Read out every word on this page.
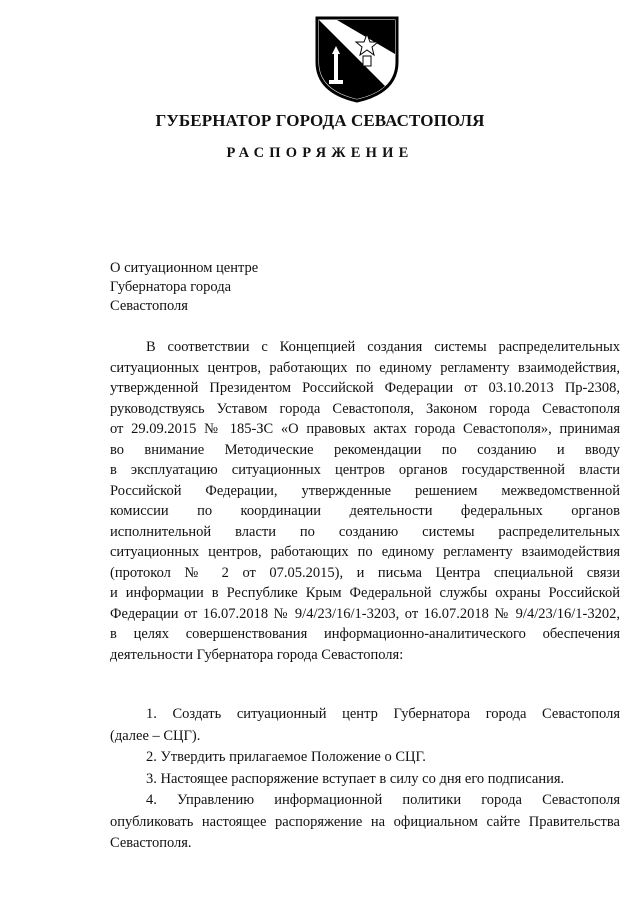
ГУБЕРНАТОР ГОРОДА СЕВАСТОПОЛЯ
РАСПОРЯЖЕНИЕ
О ситуационном центре
Губернатора города
Севастополя
В соответствии с Концепцией создания системы распределительных
ситуационных центров, работающих по единому регламенту взаимодействия,
утвержденной Президентом Российской Федерации от 03.10.2013 Пр-2308,
руководствуясь Уставом города Севастополя, Законом города Севастополя
от 29.09.2015 № 185-ЗС «О правовых актах города Севастополя», принимая
во внимание Методические рекомендации по созданию и вводу
в эксплуатацию ситуационных центров органов государственной власти
Российской Федерации, утвержденные решением межведомственной
комиссии по координации деятельности федеральных органов
исполнительной власти по созданию системы распределительных
ситуационных центров, работающих по единому регламенту взаимодействия
(протокол № 2 от 07.05.2015), и письма Центра специальной связи
и информации в Республике Крым Федеральной службы охраны Российской
Федерации от 16.07.2018 № 9/4/23/16/1-3203, от 16.07.2018 № 9/4/23/16/1-3202,
в целях совершенствования информационно-аналитического обеспечения
деятельности Губернатора города Севастополя:
1. Создать ситуационный центр Губернатора города Севастополя
(далее – СЦГ).
2. Утвердить прилагаемое Положение о СЦГ.
3. Настоящее распоряжение вступает в силу со дня его подписания.
4. Управлению информационной политики города Севастополя
опубликовать настоящее распоряжение на официальном сайте Правительства
Севастополя.
